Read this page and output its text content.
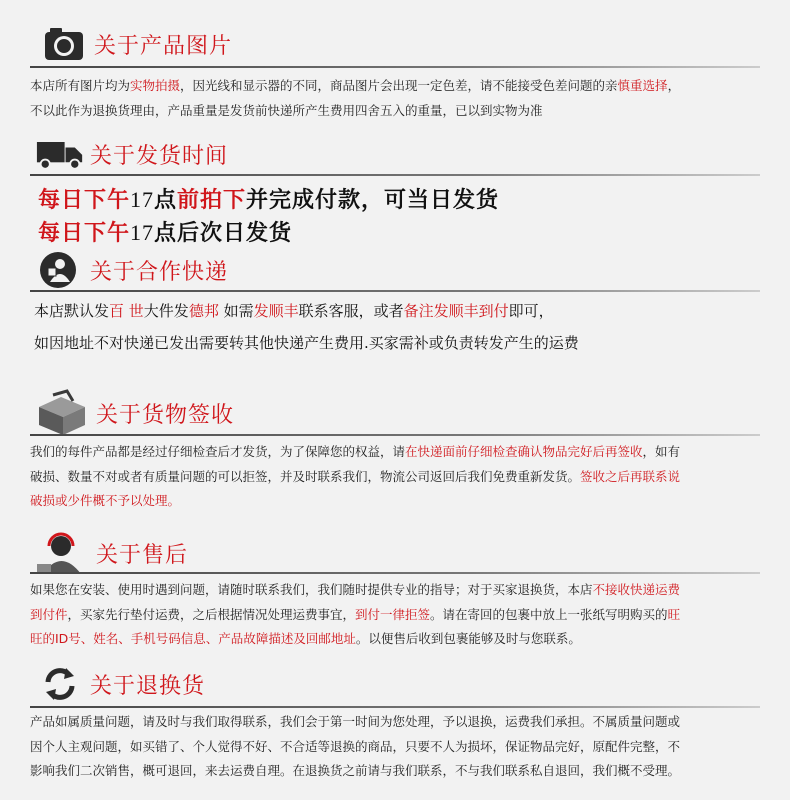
关于产品图片
本店所有图片均为实物拍摄，因光线和显示器的不同，商品图片会出现一定色差，请不能接受色差问题的亲慎重选择，
不以此作为退换货理由，产品重量是发货前快递所产生费用四舍五入的重量，已以到实物为准
关于发货时间
每日下午17点前拍下并完成付款，可当日发货
每日下午17点后次日发货
关于合作快递
本店默认发百 世大件发德邦 如需发顺丰联系客服，或者备注发顺丰到付即可，
如因地址不对快递已发出需要转其他快递产生费用.买家需补或负责转发产生的运费
关于货物签收
我们的每件产品都是经过仔细检查后才发货，为了保障您的权益，请在快递面前仔细检查确认物品完好后再签收，如有
破损、数量不对或者有质量问题的可以拒签，并及时联系我们，物流公司返回后我们免费重新发货。签收之后再联系说
破损或少件概不予以处理。
关于售后
如果您在安装、使用时遇到问题，请随时联系我们，我们随时提供专业的指导；对于买家退换货，本店不接收快递运费
到付件，买家先行垫付运费，之后根据情况处理运费事宜，到付一律拒签。请在寄回的包裹中放上一张纸写明购买的旺
旺的ID号、姓名、手机号码信息、产品故障描述及回邮地址。以便售后收到包裹能够及时与您联系。
关于退换货
产品如属质量问题，请及时与我们取得联系，我们会于第一时间为您处理，予以退换，运费我们承担。不属质量问题或
因个人主观问题，如买错了、个人觉得不好、不合适等退换的商品，只要不人为损坏，保证物品完好，原配件完整，不
影响我们二次销售，概可退回，来去运费自理。在退换货之前请与我们联系，不与我们联系私自退回，我们概不受理。
